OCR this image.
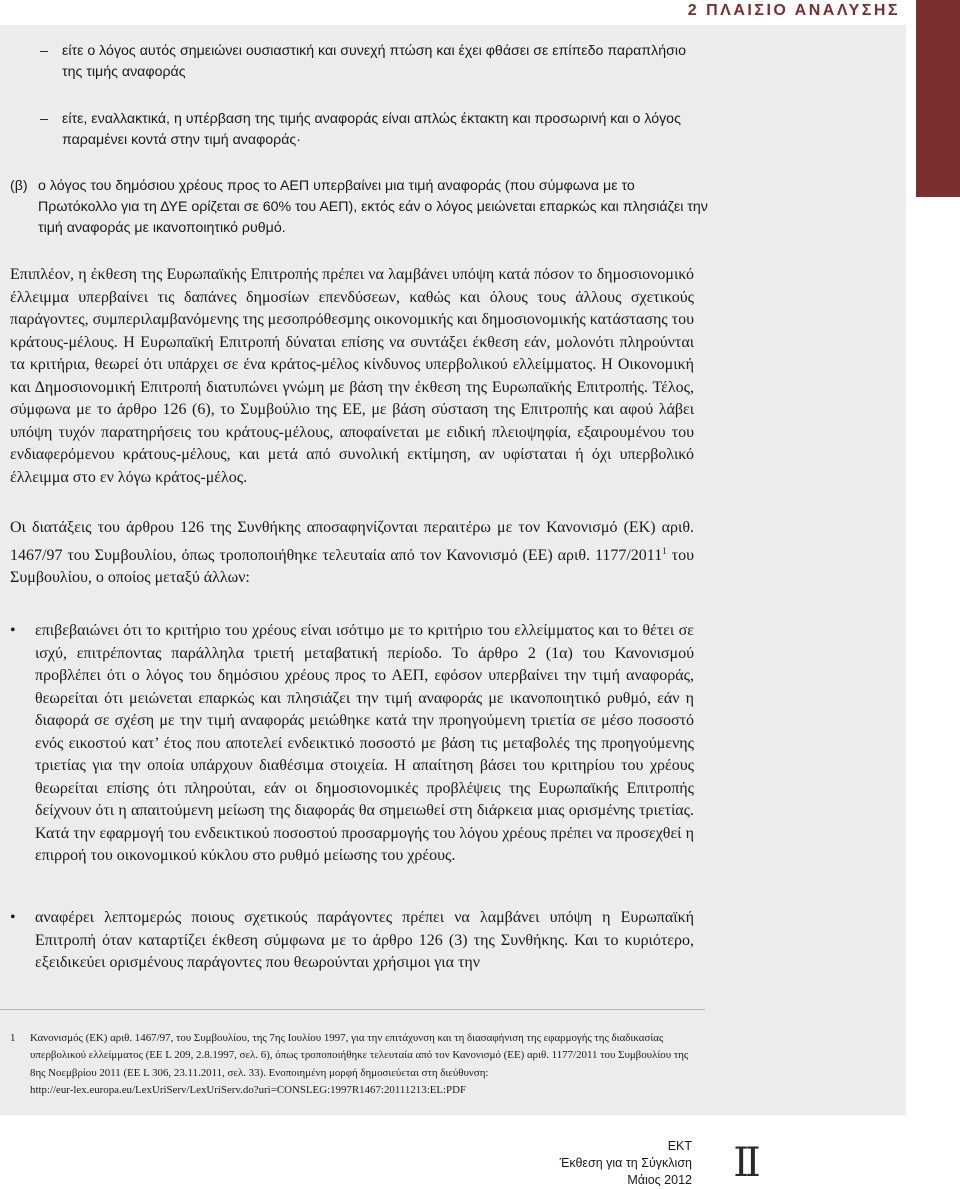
2 ΠΛΑΙΣΙΟ ΑΝΑΛΥΣΗΣ
– είτε ο λόγος αυτός σημειώνει ουσιαστική και συνεχή πτώση και έχει φθάσει σε επίπεδο παραπλήσιο της τιμής αναφοράς
– είτε, εναλλακτικά, η υπέρβαση της τιμής αναφοράς είναι απλώς έκτακτη και προσωρινή και ο λόγος παραμένει κοντά στην τιμή αναφοράς·
(β) ο λόγος του δημόσιου χρέους προς το ΑΕΠ υπερβαίνει μια τιμή αναφοράς (που σύμφωνα με το Πρωτόκολλο για τη ΔΥΕ ορίζεται σε 60% του ΑΕΠ), εκτός εάν ο λόγος μειώνεται επαρκώς και πλησιάζει την τιμή αναφοράς με ικανοποιητικό ρυθμό.
Επιπλέον, η έκθεση της Ευρωπαϊκής Επιτροπής πρέπει να λαμβάνει υπόψη κατά πόσον το δημοσιονομικό έλλειμμα υπερβαίνει τις δαπάνες δημοσίων επενδύσεων, καθώς και όλους τους άλλους σχετικούς παράγοντες, συμπεριλαμβανόμενης της μεσοπρόθεσμης οικονομικής και δημοσιονομικής κατάστασης του κράτους-μέλους. Η Ευρωπαϊκή Επιτροπή δύναται επίσης να συντάξει έκθεση εάν, μολονότι πληρούνται τα κριτήρια, θεωρεί ότι υπάρχει σε ένα κράτος-μέλος κίνδυνος υπερβολικού ελλείμματος. Η Οικονομική και Δημοσιονομική Επιτροπή διατυπώνει γνώμη με βάση την έκθεση της Ευρωπαϊκής Επιτροπής. Τέλος, σύμφωνα με το άρθρο 126 (6), το Συμβούλιο της ΕΕ, με βάση σύσταση της Επιτροπής και αφού λάβει υπόψη τυχόν παρατηρήσεις του κράτους-μέλους, αποφαίνεται με ειδική πλειοψηφία, εξαιρουμένου του ενδιαφερόμενου κράτους-μέλους, και μετά από συνολική εκτίμηση, αν υφίσταται ή όχι υπερβολικό έλλειμμα στο εν λόγω κράτος-μέλος.
Οι διατάξεις του άρθρου 126 της Συνθήκης αποσαφηνίζονται περαιτέρω με τον Κανονισμό (ΕΚ) αριθ. 1467/97 του Συμβουλίου, όπως τροποποιήθηκε τελευταία από τον Κανονισμό (ΕΕ) αριθ. 1177/2011$^1$ του Συμβουλίου, ο οποίος μεταξύ άλλων:
• επιβεβαιώνει ότι το κριτήριο του χρέους είναι ισότιμο με το κριτήριο του ελλείμματος και το θέτει σε ισχύ, επιτρέποντας παράλληλα τριετή μεταβατική περίοδο. Το άρθρο 2 (1α) του Κανονισμού προβλέπει ότι ο λόγος του δημόσιου χρέους προς το ΑΕΠ, εφόσον υπερβαίνει την τιμή αναφοράς, θεωρείται ότι μειώνεται επαρκώς και πλησιάζει την τιμή αναφοράς με ικανοποιητικό ρυθμό, εάν η διαφορά σε σχέση με την τιμή αναφοράς μειώθηκε κατά την προηγούμενη τριετία σε μέσο ποσοστό ενός εικοστού κατ’ έτος που αποτελεί ενδεικτικό ποσοστό με βάση τις μεταβολές της προηγούμενης τριετίας για την οποία υπάρχουν διαθέσιμα στοιχεία. Η απαίτηση βάσει του κριτηρίου του χρέους θεωρείται επίσης ότι πληρούται, εάν οι δημοσιονομικές προβλέψεις της Ευρωπαϊκής Επιτροπής δείχνουν ότι η απαιτούμενη μείωση της διαφοράς θα σημειωθεί στη διάρκεια μιας ορισμένης τριετίας. Κατά την εφαρμογή του ενδεικτικού ποσοστού προσαρμογής του λόγου χρέους πρέπει να προσεχθεί η επιρροή του οικονομικού κύκλου στο ρυθμό μείωσης του χρέους.
• αναφέρει λεπτομερώς ποιους σχετικούς παράγοντες πρέπει να λαμβάνει υπόψη η Ευρωπαϊκή Επιτροπή όταν καταρτίζει έκθεση σύμφωνα με το άρθρο 126 (3) της Συνθήκης. Και το κυριότερο, εξειδικεύει ορισμένους παράγοντες που θεωρούνται χρήσιμοι για την
1 Κανονισμός (ΕΚ) αριθ. 1467/97, του Συμβουλίου, της 7ης Ιουλίου 1997, για την επιτάχυνση και τη διασαφήνιση της εφαρμογής της διαδικασίας υπερβολικού ελλείμματος (ΕΕ L 209, 2.8.1997, σελ. 6), όπως τροποποιήθηκε τελευταία από τον Κανονισμό (ΕΕ) αριθ. 1177/2011 του Συμβουλίου της 8ης Νοεμβρίου 2011 (ΕΕ L 306, 23.11.2011, σελ. 33). Ενοποιημένη μορφή δημοσιεύεται στη διεύθυνση:
http://eur-lex.europa.eu/LexUriServ/LexUriServ.do?uri=CONSLEG:1997R1467:20111213:EL:PDF
ΕΚΤ
Έκθεση για τη Σύγκλιση
Μάιος 2012	II
